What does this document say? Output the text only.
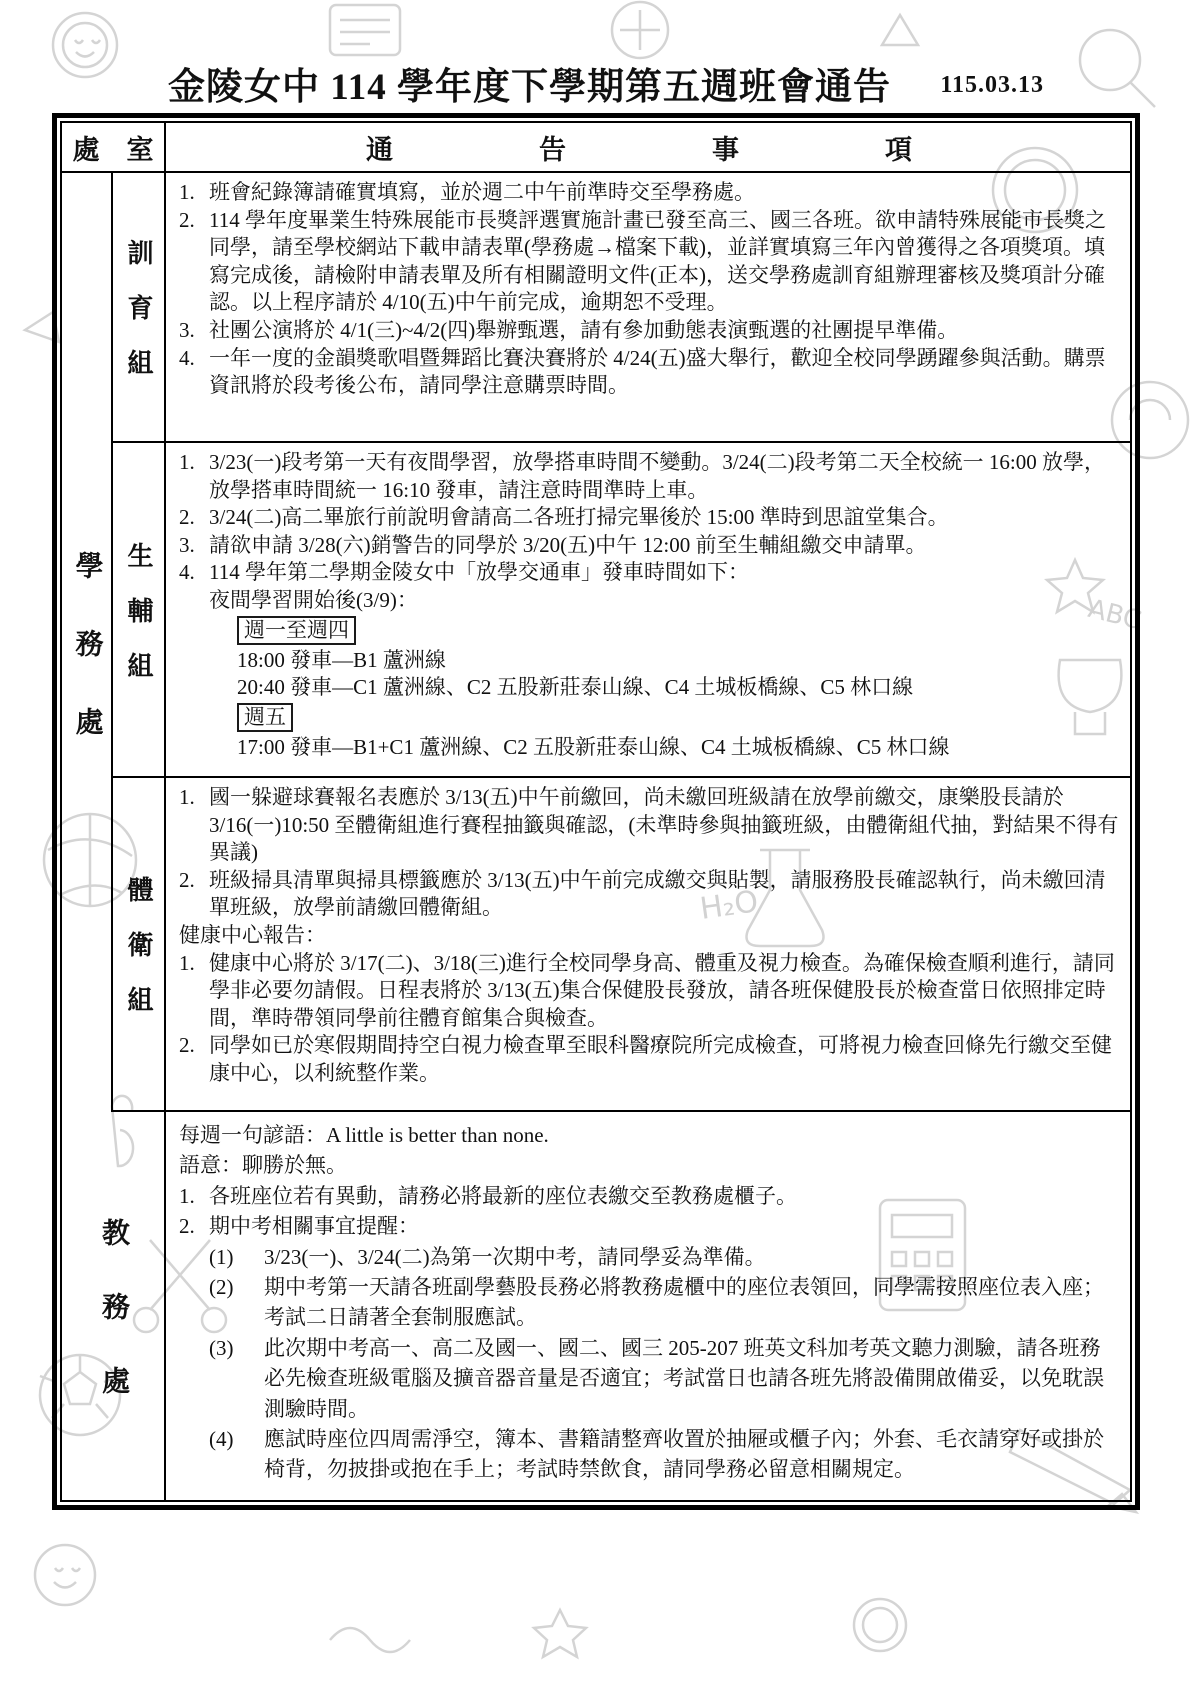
H₂O
ABC
金陵女中 114 學年度下學期第五週班會通告 115.03.13
處　室	通	告	事	項
學務處
訓育組
1. 班會紀錄簿請確實填寫，並於週二中午前準時交至學務處。
2. 114 學年度畢業生特殊展能市長獎評選實施計畫已發至高三、國三各班。欲申請特殊展能市長獎之同學，請至學校網站下載申請表單(學務處→檔案下載)，並詳實填寫三年內曾獲得之各項獎項。填寫完成後，請檢附申請表單及所有相關證明文件(正本)，送交學務處訓育組辦理審核及獎項計分確認。以上程序請於 4/10(五)中午前完成，逾期恕不受理。
3. 社團公演將於 4/1(三)~4/2(四)舉辦甄選，請有參加動態表演甄選的社團提早準備。
4. 一年一度的金韻獎歌唱暨舞蹈比賽決賽將於 4/24(五)盛大舉行，歡迎全校同學踴躍參與活動。購票資訊將於段考後公布，請同學注意購票時間。
生輔組
1. 3/23(一)段考第一天有夜間學習，放學搭車時間不變動。3/24(二)段考第二天全校統一 16:00 放學，放學搭車時間統一 16:10 發車，請注意時間準時上車。
2. 3/24(二)高二畢旅行前說明會請高二各班打掃完畢後於 15:00 準時到思誼堂集合。
3. 請欲申請 3/28(六)銷警告的同學於 3/20(五)中午 12:00 前至生輔組繳交申請單。
4. 114 學年第二學期金陵女中「放學交通車」發車時間如下：
夜間學習開始後(3/9)：
週一至週四
18:00 發車—B1 蘆洲線
20:40 發車—C1 蘆洲線、C2 五股新莊泰山線、C4 土城板橋線、C5 林口線
週五
17:00 發車—B1+C1 蘆洲線、C2 五股新莊泰山線、C4 土城板橋線、C5 林口線
體衛組
1. 國一躲避球賽報名表應於 3/13(五)中午前繳回，尚未繳回班級請在放學前繳交，康樂股長請於 3/16(一)10:50 至體衛組進行賽程抽籤與確認，(未準時參與抽籤班級，由體衛組代抽，對結果不得有異議)
2. 班級掃具清單與掃具標籤應於 3/13(五)中午前完成繳交與貼製，請服務股長確認執行，尚未繳回清單班級，放學前請繳回體衛組。
健康中心報告：
1. 健康中心將於 3/17(二)、3/18(三)進行全校同學身高、體重及視力檢查。為確保檢查順利進行，請同學非必要勿請假。日程表將於 3/13(五)集合保健股長發放，請各班保健股長於檢查當日依照排定時間，準時帶領同學前往體育館集合與檢查。
2. 同學如已於寒假期間持空白視力檢查單至眼科醫療院所完成檢查，可將視力檢查回條先行繳交至健康中心，以利統整作業。
教務處
每週一句諺語：A little is better than none.
語意：聊勝於無。
1. 各班座位若有異動，請務必將最新的座位表繳交至教務處櫃子。
2. 期中考相關事宜提醒：
(1)	3/23(一)、3/24(二)為第一次期中考，請同學妥為準備。
(2)	期中考第一天請各班副學藝股長務必將教務處櫃中的座位表領回，同學需按照座位表入座；考試二日請著全套制服應試。
(3)	此次期中考高一、高二及國一、國二、國三 205-207 班英文科加考英文聽力測驗，請各班務必先檢查班級電腦及擴音器音量是否適宜；考試當日也請各班先將設備開啟備妥，以免耽誤測驗時間。
(4)	應試時座位四周需淨空，簿本、書籍請整齊收置於抽屜或櫃子內；外套、毛衣請穿好或掛於椅背，勿披掛或抱在手上；考試時禁飲食，請同學務必留意相關規定。
